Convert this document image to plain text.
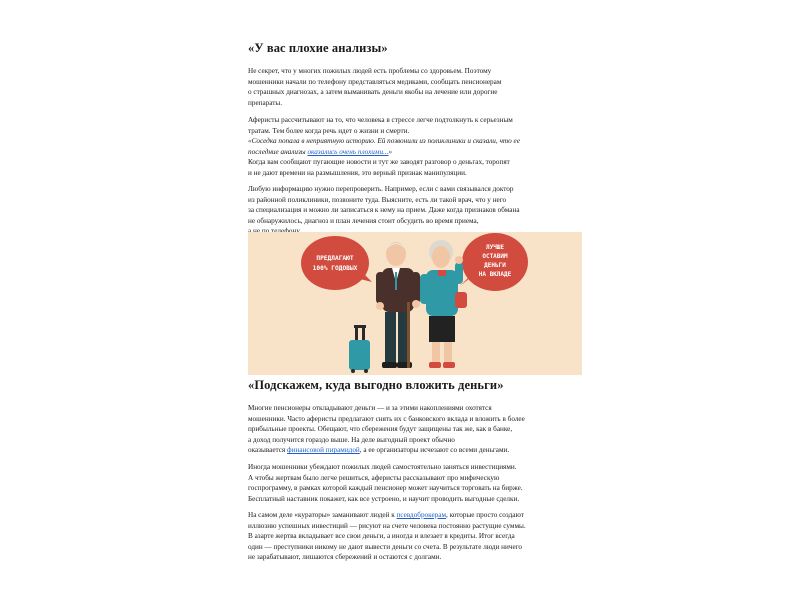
«У вас плохие анализы»

Не секрет, что у многих пожилых людей есть проблемы со здоровьем. Поэтому
мошенники начали по телефону представляться медиками, сообщать пенсионерам
о страшных диагнозах, а затем выманивать деньги якобы на лечение или дорогие
препараты.

Аферисты рассчитывают на то, что человека в стрессе легче подтолкнуть к серьезным
тратам. Тем более когда речь идет о жизни и смерти.
«Соседка попала в неприятную историю. Ей позвонили из поликлиники и сказали, что ее
последние анализы оказались очень плохими...»
Когда вам сообщают пугающие новости и тут же заводят разговор о деньгах, торопят
и не дают времени на размышления, это верный признак манипуляции.

Любую информацию нужно перепроверить. Например, если с вами связывался доктор
из районной поликлиники, позвоните туда. Выясните, есть ли такой врач, что у него
за специализация и можно ли записаться к нему на прием. Даже когда признаков обмана
не обнаружилось, диагноз и план лечения стоит обсудить во время приема,

ПРЕДЛАГАЮТ
100% ГОДОВЫХ
ЛУЧШЕ
ОСТАВИМ
ДЕНЬГИ
НА ВКЛАДЕ
«Подскажем, куда выгодно вложить деньги»

Многие пенсионеры откладывают деньги — и за этими накоплениями охотятся
мошенники. Часто аферисты предлагают снять их с банковского вклада и вложить в более
прибыльные проекты. Обещают, что сбережения будут защищены так же, как в банке,
а доход получится гораздо выше. На деле выгодный проект обычно
оказывается финансовой пирамидой, а ее организаторы исчезают со всеми деньгами.

Иногда мошенники убеждают пожилых людей самостоятельно заняться инвестициями.
А чтобы жертвам было легче решиться, аферисты рассказывают про мифическую
госпрограмму, в рамках которой каждый пенсионер может научиться торговать на бирже.
Бесплатный наставник покажет, как все устроено, и научит проводить выгодные сделки.

На самом деле «кураторы» заманивают людей к псевдоброкерам, которые просто создают
иллюзию успешных инвестиций — рисуют на счете человека постоянно растущие суммы.
В азарте жертва вкладывает все свои деньги, а иногда и влезает в кредиты. Итог всегда
один — преступники никому не дают вывести деньги со счета. В результате люди ничего
не зарабатывают, лишаются сбережений и остаются с долгами.
